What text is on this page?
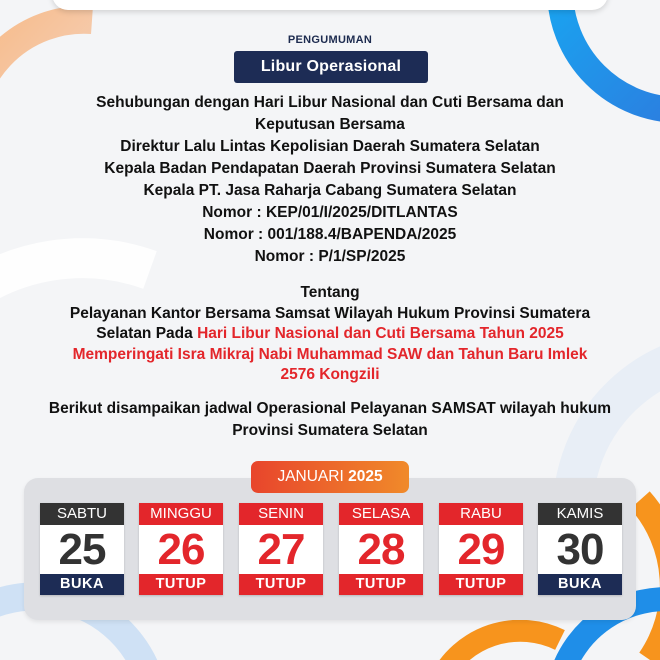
PENGUMUMAN
Libur Operasional
Sehubungan dengan Hari Libur Nasional dan Cuti Bersama dan
Keputusan Bersama
Direktur Lalu Lintas Kepolisian Daerah Sumatera Selatan
Kepala Badan Pendapatan Daerah Provinsi Sumatera Selatan
Kepala PT. Jasa Raharja Cabang Sumatera Selatan
Nomor : KEP/01/I/2025/DITLANTAS
Nomor : 001/188.4/BAPENDA/2025
Nomor : P/1/SP/2025
Tentang
Pelayanan Kantor Bersama Samsat Wilayah Hukum Provinsi Sumatera
Selatan Pada Hari Libur Nasional dan Cuti Bersama Tahun 2025
Memperingati Isra Mikraj Nabi Muhammad SAW dan Tahun Baru Imlek
2576 Kongzili
Berikut disampaikan jadwal Operasional Pelayanan SAMSAT wilayah hukum
Provinsi Sumatera Selatan
JANUARI 2025
SABTU
25
BUKA
MINGGU
26
TUTUP
SENIN
27
TUTUP
SELASA
28
TUTUP
RABU
29
TUTUP
KAMIS
30
BUKA
